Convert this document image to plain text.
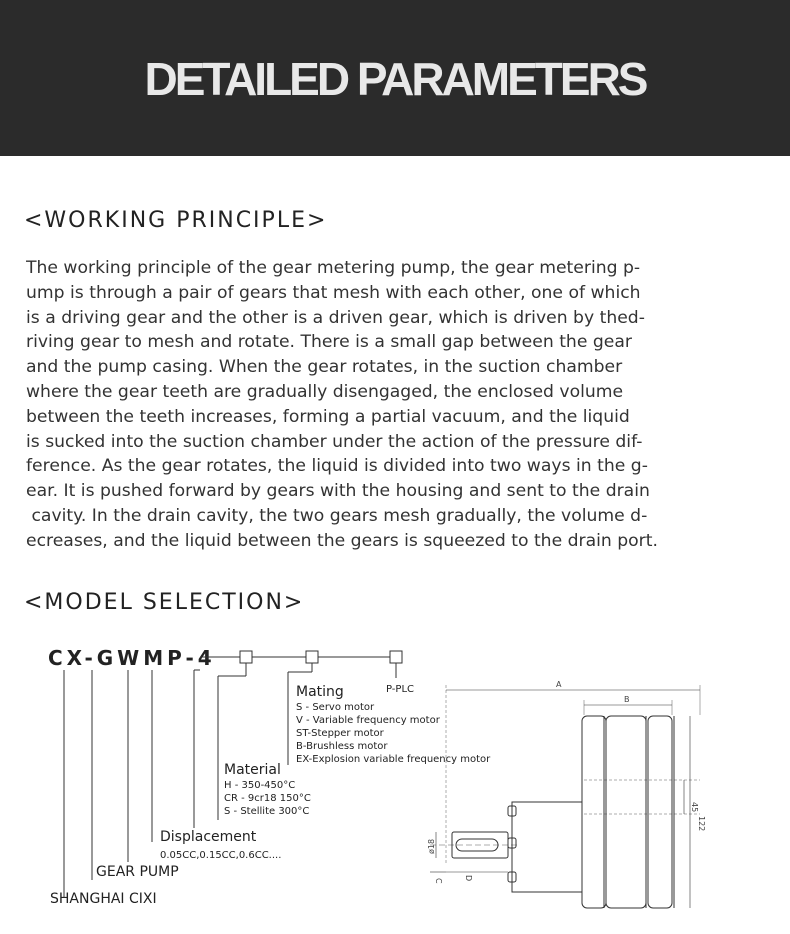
DETAILED PARAMETERS
<WORKING PRINCIPLE>
The working principle of the gear metering pump, the gear metering p-
ump is through a pair of gears that mesh with each other, one of which
is a driving gear and the other is a driven gear, which is driven by thed-
riving gear to mesh and rotate. There is a small gap between the gear
and the pump casing. When the gear rotates, in the suction chamber
where the gear teeth are gradually disengaged, the enclosed volume
between the teeth increases, forming a partial vacuum, and the liquid
is sucked into the suction chamber under the action of the pressure dif-
ference. As the gear rotates, the liquid is divided into two ways in the g-
ear. It is pushed forward by gears with the housing and sent to the drain
cavity. In the drain cavity, the two gears mesh gradually, the volume d-
ecreases, and the liquid between the gears is squeezed to the drain port.
<MODEL SELECTION>
CX-GWMP-4
P-PLC
Mating
S - Servo motor
V - Variable frequency motor
ST-Stepper motor
B-Brushless motor
EX-Explosion variable frequency motor
Material
H - 350-450°C
CR - 9cr18 150°C
S - Stellite 300°C
Displacement
0.05CC,0.15CC,0.6CC....
GEAR PUMP
SHANGHAI CIXI
A
B
122
45
ø18
C	D
